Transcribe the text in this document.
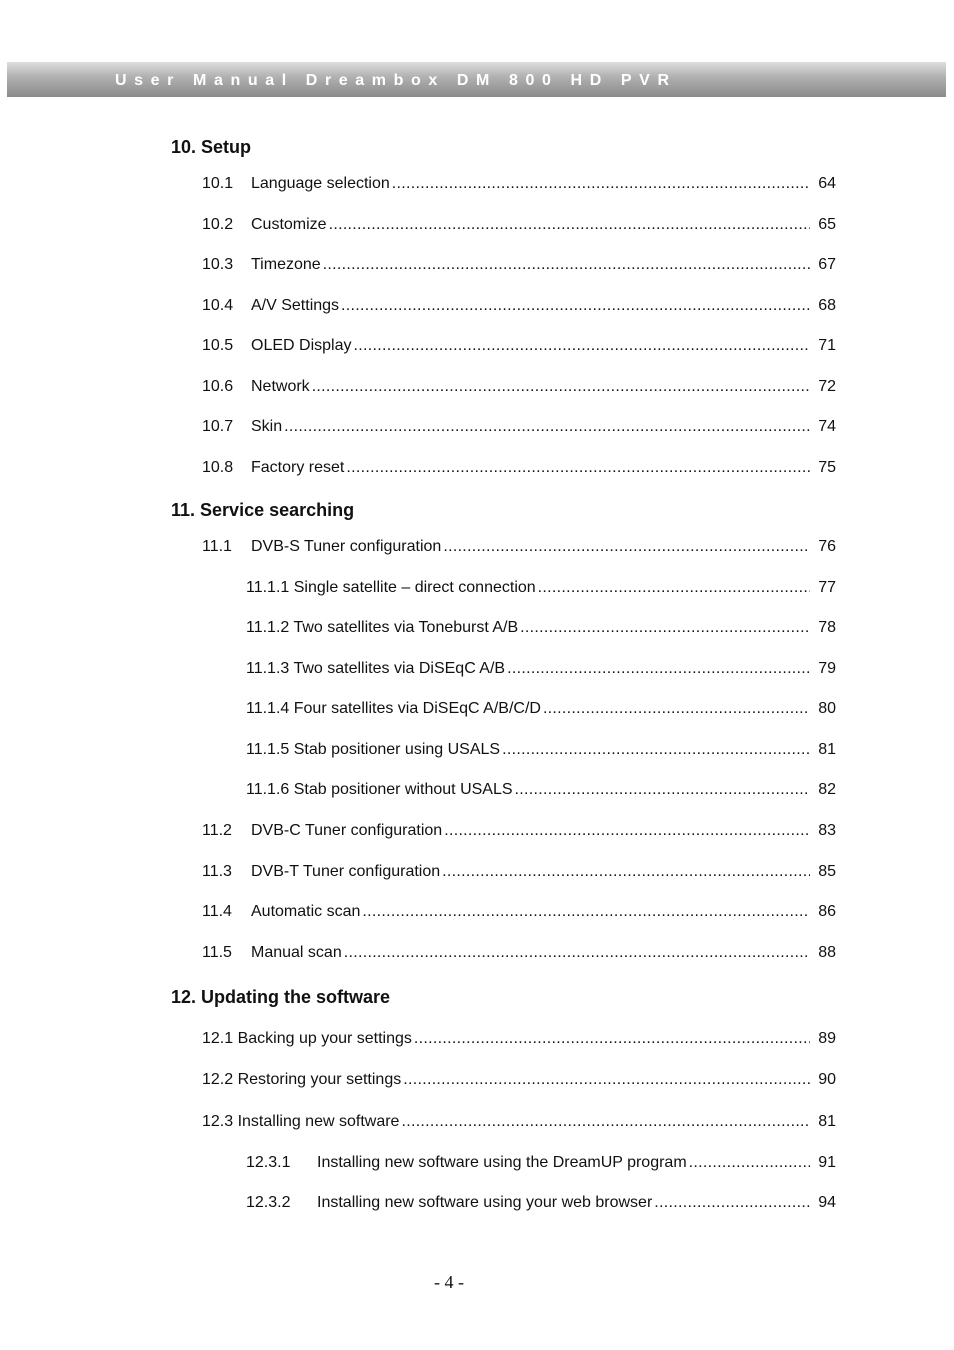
User Manual Dreambox DM 800 HD PVR
10. Setup
10.1	Language selection .....	64
10.2	Customize .....	65
10.3	Timezone .....	67
10.4	A/V Settings .....	68
10.5	OLED Display .....	71
10.6	Network .....	72
10.7	Skin .....	74
10.8	Factory reset .....	75
11. Service searching
11.1	DVB-S Tuner configuration .....	76
11.1.1 Single satellite – direct connection .....	77
11.1.2 Two satellites via Toneburst A/B .....	78
11.1.3 Two satellites via DiSEqC A/B .....	79
11.1.4 Four satellites via DiSEqC A/B/C/D .....	80
11.1.5 Stab positioner using USALS .....	81
11.1.6 Stab positioner without USALS .....	82
11.2	DVB-C Tuner configuration .....	83
11.3	DVB-T Tuner configuration .....	85
11.4	Automatic scan .....	86
11.5	Manual scan .....	88
12. Updating the software
12.1 Backing up your settings .....	89
12.2 Restoring your settings .....	90
12.3 Installing new software .....	81
12.3.1	Installing new software using the DreamUP program .....	91
12.3.2	Installing new software using your web browser .....	94
- 4 -
